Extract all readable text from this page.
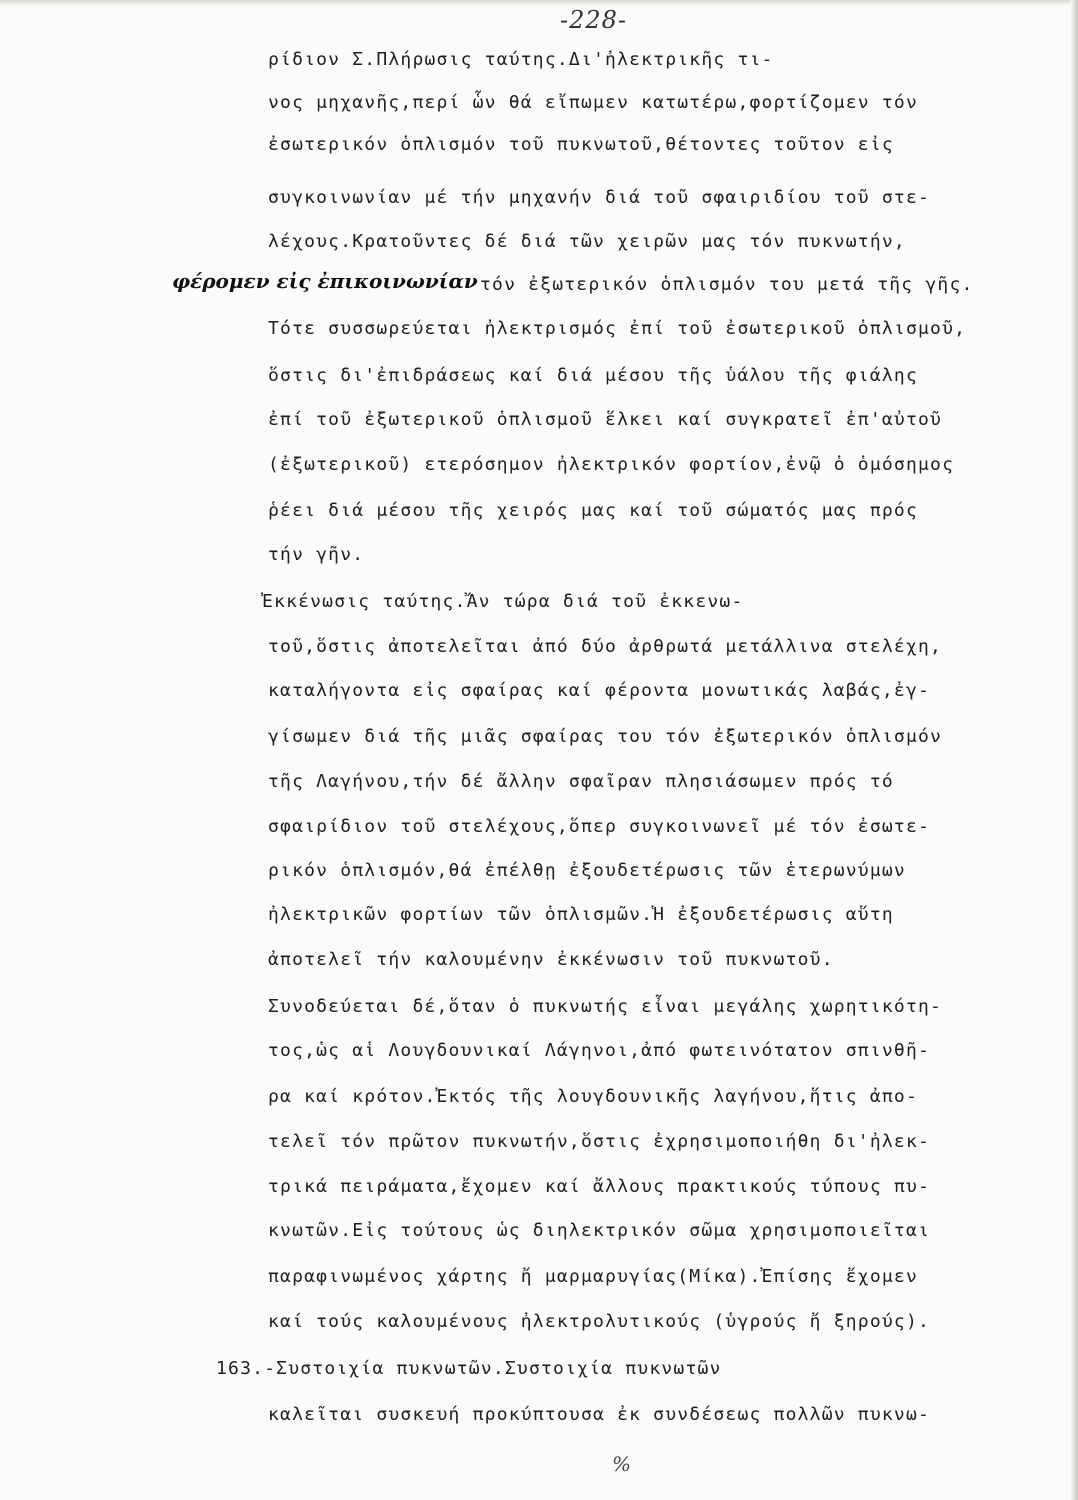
-228-
ρίδιον Σ.Πλήρωσις ταύτης.Δι'ἠλεκτρικῆς τι-
νος μηχανῆς,περί ὧν θά εἴπωμεν κατωτέρω,φορτίζομεν τόν
ἐσωτερικόν ὁπλισμόν τοῦ πυκνωτοῦ,θέτοντες τοῦτον εἰς
συγκοινωνίαν μέ τήν μηχανήν διά τοῦ σφαιριδίου τοῦ στε-
λέχους.Κρατοῦντες δέ διά τῶν χειρῶν μας τόν πυκνωτήν,
φέρομεν εἰς ἐπικοινωνίαν τόν ἐξωτερικόν ὁπλισμόν του μετά τῆς γῆς.
Τότε συσσωρεύεται ἠλεκτρισμός ἐπί τοῦ ἐσωτερικοῦ ὁπλισμοῦ,
ὅστις δι'ἐπιδράσεως καί διά μέσου τῆς ὑάλου τῆς φιάλης
ἐπί τοῦ ἐξωτερικοῦ ὁπλισμοῦ ἕλκει καί συγκρατεῖ ἐπ'αὐτοῦ
(ἐξωτερικοῦ) ετερόσημον ἠλεκτρικόν φορτίον,ἐνῷ ὁ ὁμόσημος
ῥέει διά μέσου τῆς χειρός μας καί τοῦ σώματός μας πρός
τήν γῆν.
Ἐκκένωσις ταύτης.Ἄν τώρα διά τοῦ ἐκκενω-
τοῦ,ὅστις ἀποτελεῖται ἀπό δύο ἀρθρωτά μετάλλινα στελέχη,
καταλήγοντα εἰς σφαίρας καί φέροντα μονωτικάς λαβάς,ἐγ-
γίσωμεν διά τῆς μιᾶς σφαίρας του τόν ἐξωτερικόν ὁπλισμόν
τῆς Λαγήνου,τήν δέ ἄλλην σφαῖραν πλησιάσωμεν πρός τό
σφαιρίδιον τοῦ στελέχους,ὅπερ συγκοινωνεῖ μέ τόν ἐσωτε-
ρικόν ὁπλισμόν,θά ἐπέλθῃ ἐξουδετέρωσις τῶν ἑτερωνύμων
ἠλεκτρικῶν φορτίων τῶν ὁπλισμῶν.Ἡ ἐξουδετέρωσις αὕτη
ἀποτελεῖ τήν καλουμένην ἐκκένωσιν τοῦ πυκνωτοῦ.
Συνοδεύεται δέ,ὅταν ὁ πυκνωτής εἶναι μεγάλης χωρητικότη-
τος,ὡς αἱ Λουγδουνικαί Λάγηνοι,ἀπό φωτεινότατον σπινθῆ-
ρα καί κρότον.Ἐκτός τῆς λουγδουνικῆς λαγήνου,ἥτις ἀπο-
τελεῖ τόν πρῶτον πυκνωτήν,ὅστις ἐχρησιμοποιήθη δι'ἠλεκ-
τρικά πειράματα,ἔχομεν καί ἄλλους πρακτικούς τύπους πυ-
κνωτῶν.Εἰς τούτους ὡς διηλεκτρικόν σῶμα χρησιμοποιεῖται
παραφινωμένος χάρτης ἤ μαρμαρυγίας(Μίκα).Ἐπίσης ἔχομεν
καί τούς καλουμένους ἠλεκτρολυτικούς (ὑγρούς ἤ ξηρούς).
163.-Συστοιχία πυκνωτῶν.Συστοιχία πυκνωτῶν
καλεῖται συσκευή προκύπτουσα ἐκ συνδέσεως πολλῶν πυκνω-
%
